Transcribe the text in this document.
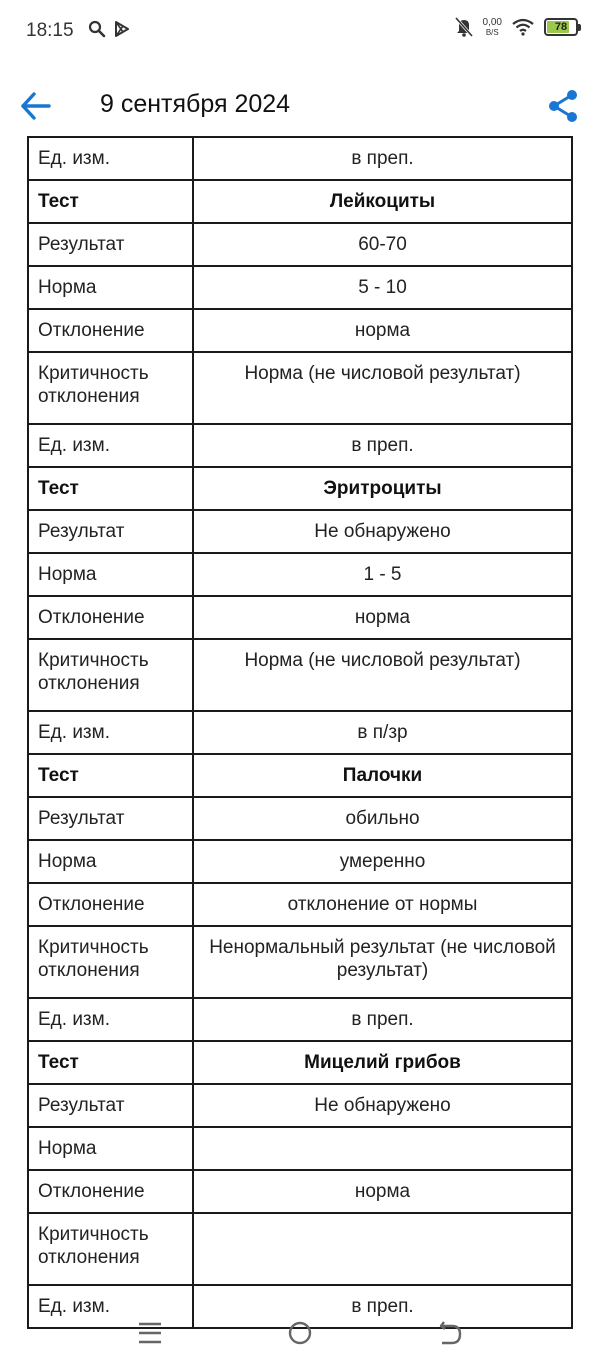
18:15	0,00
B/S	78
9 сентября 2024
Ед. изм.	в преп.
Тест	Лейкоциты
Результат	60-70
Норма	5 - 10
Отклонение	норма
Критичность отклонения	Норма (не числовой результат)
Ед. изм.	в преп.
Тест	Эритроциты
Результат	Не обнаружено
Норма	1 - 5
Отклонение	норма
Критичность отклонения	Норма (не числовой результат)
Ед. изм.	в п/зр
Тест	Палочки
Результат	обильно
Норма	умеренно
Отклонение	отклонение от нормы
Критичность отклонения	Ненормальный результат (не числовой результат)
Ед. изм.	в преп.
Тест	Мицелий грибов
Результат	Не обнаружено
Норма	
Отклонение	норма
Критичность отклонения	
Ед. изм.	в преп.
